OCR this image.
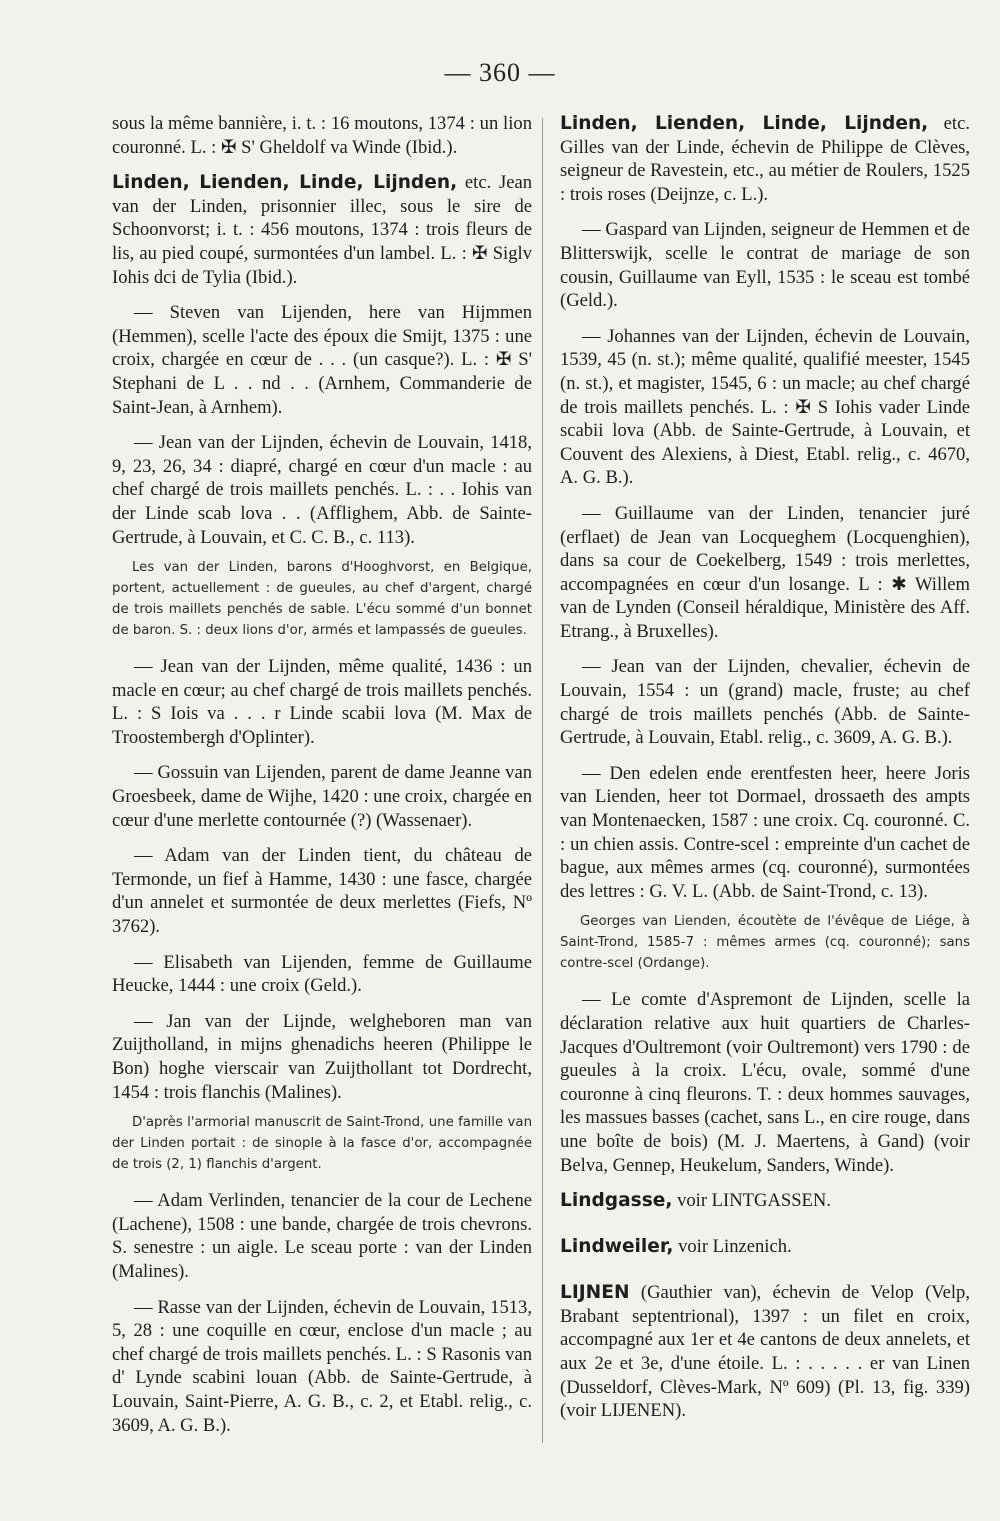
— 360 —

sous la même bannière, i. t. : 16 moutons, 1374 : un lion couronné. L. : ✠ S' Gheldolf va Winde (Ibid.).

Linden, Lienden, Linde, Lijnden, etc. Jean van der Linden, prisonnier illec, sous le sire de Schoonvorst; i. t. : 456 moutons, 1374 : trois fleurs de lis, au pied coupé, surmontées d'un lambel. L. : ✠ Siglv Iohis dci de Tylia (Ibid.).

— Steven van Lijenden, here van Hijmmen (Hemmen), scelle l'acte des époux die Smijt, 1375 : une croix, chargée en cœur de . . . (un casque?). L. : ✠ S' Stephani de L . . nd . . (Arnhem, Commanderie de Saint-Jean, à Arnhem).

— Jean van der Lijnden, échevin de Louvain, 1418, 9, 23, 26, 34 : diapré, chargé en cœur d'un macle : au chef chargé de trois maillets penchés. L. : . . Iohis van der Linde scab lova . . (Afflighem, Abb. de Sainte-Gertrude, à Louvain, et C. C. B., c. 113).

Les van der Linden, barons d'Hooghvorst, en Belgique, portent, actuellement : de gueules, au chef d'argent, chargé de trois maillets penchés de sable. L'écu sommé d'un bonnet de baron. S. : deux lions d'or, armés et lampassés de gueules.

— Jean van der Lijnden, même qualité, 1436 : un macle en cœur; au chef chargé de trois maillets penchés. L. : S Iois va . . . r Linde scabii lova (M. Max de Troostembergh d'Oplinter).

— Gossuin van Lijenden, parent de dame Jeanne van Groesbeek, dame de Wijhe, 1420 : une croix, chargée en cœur d'une merlette contournée (?) (Wassenaer).

— Adam van der Linden tient, du château de Termonde, un fief à Hamme, 1430 : une fasce, chargée d'un annelet et surmontée de deux merlettes (Fiefs, Nº 3762).

— Elisabeth van Lijenden, femme de Guillaume Heucke, 1444 : une croix (Geld.).

— Jan van der Lijnde, welgheboren man van Zuijtholland, in mijns ghenadichs heeren (Philippe le Bon) hoghe vierscair van Zuijthollant tot Dordrecht, 1454 : trois flanchis (Malines).

D'après l'armorial manuscrit de Saint-Trond, une famille van der Linden portait : de sinople à la fasce d'or, accompagnée de trois (2, 1) flanchis d'argent.

— Adam Verlinden, tenancier de la cour de Lechene (Lachene), 1508 : une bande, chargée de trois chevrons. S. senestre : un aigle. Le sceau porte : van der Linden (Malines).

— Rasse van der Lijnden, échevin de Louvain, 1513, 5, 28 : une coquille en cœur, enclose d'un macle ; au chef chargé de trois maillets penchés. L. : S Rasonis van d' Lynde scabini louan (Abb. de Sainte-Gertrude, à Louvain, Saint-Pierre, A. G. B., c. 2, et Etabl. relig., c. 3609, A. G. B.).

Linden, Lienden, Linde, Lijnden, etc. Gilles van der Linde, échevin de Philippe de Clèves, seigneur de Ravestein, etc., au métier de Roulers, 1525 : trois roses (Deijnze, c. L.).

— Gaspard van Lijnden, seigneur de Hemmen et de Blitterswijk, scelle le contrat de mariage de son cousin, Guillaume van Eyll, 1535 : le sceau est tombé (Geld.).

— Johannes van der Lijnden, échevin de Louvain, 1539, 45 (n. st.); même qualité, qualifié meester, 1545 (n. st.), et magister, 1545, 6 : un macle; au chef chargé de trois maillets penchés. L. : ✠ S Iohis vader Linde scabii lova (Abb. de Sainte-Gertrude, à Louvain, et Couvent des Alexiens, à Diest, Etabl. relig., c. 4670, A. G. B.).

— Guillaume van der Linden, tenancier juré (erflaet) de Jean van Locqueghem (Locquenghien), dans sa cour de Coekelberg, 1549 : trois merlettes, accompagnées en cœur d'un losange. L : ✱ Willem van de Lynden (Conseil héraldique, Ministère des Aff. Etrang., à Bruxelles).

— Jean van der Lijnden, chevalier, échevin de Louvain, 1554 : un (grand) macle, fruste; au chef chargé de trois maillets penchés (Abb. de Sainte-Gertrude, à Louvain, Etabl. relig., c. 3609, A. G. B.).

— Den edelen ende erentfesten heer, heere Joris van Lienden, heer tot Dormael, drossaeth des ampts van Montenaecken, 1587 : une croix. Cq. couronné. C. : un chien assis. Contre-scel : empreinte d'un cachet de bague, aux mêmes armes (cq. couronné), surmontées des lettres : G. V. L. (Abb. de Saint-Trond, c. 13).

Georges van Lienden, écoutète de l'évêque de Liége, à Saint-Trond, 1585-7 : mêmes armes (cq. couronné); sans contre-scel (Ordange).

— Le comte d'Aspremont de Lijnden, scelle la déclaration relative aux huit quartiers de Charles-Jacques d'Oultremont (voir Oultremont) vers 1790 : de gueules à la croix. L'écu, ovale, sommé d'une couronne à cinq fleurons. T. : deux hommes sauvages, les massues basses (cachet, sans L., en cire rouge, dans une boîte de bois) (M. J. Maertens, à Gand) (voir Belva, Gennep, Heukelum, Sanders, Winde).

Lindgasse, voir LINTGASSEN.

Lindweiler, voir Linzenich.

LIJNEN (Gauthier van), échevin de Velop (Velp, Brabant septentrional), 1397 : un filet en croix, accompagné aux 1er et 4e cantons de deux annelets, et aux 2e et 3e, d'une étoile. L. : . . . . . er van Linen (Dusseldorf, Clèves-Mark, Nº 609) (Pl. 13, fig. 339) (voir LIJENEN).
